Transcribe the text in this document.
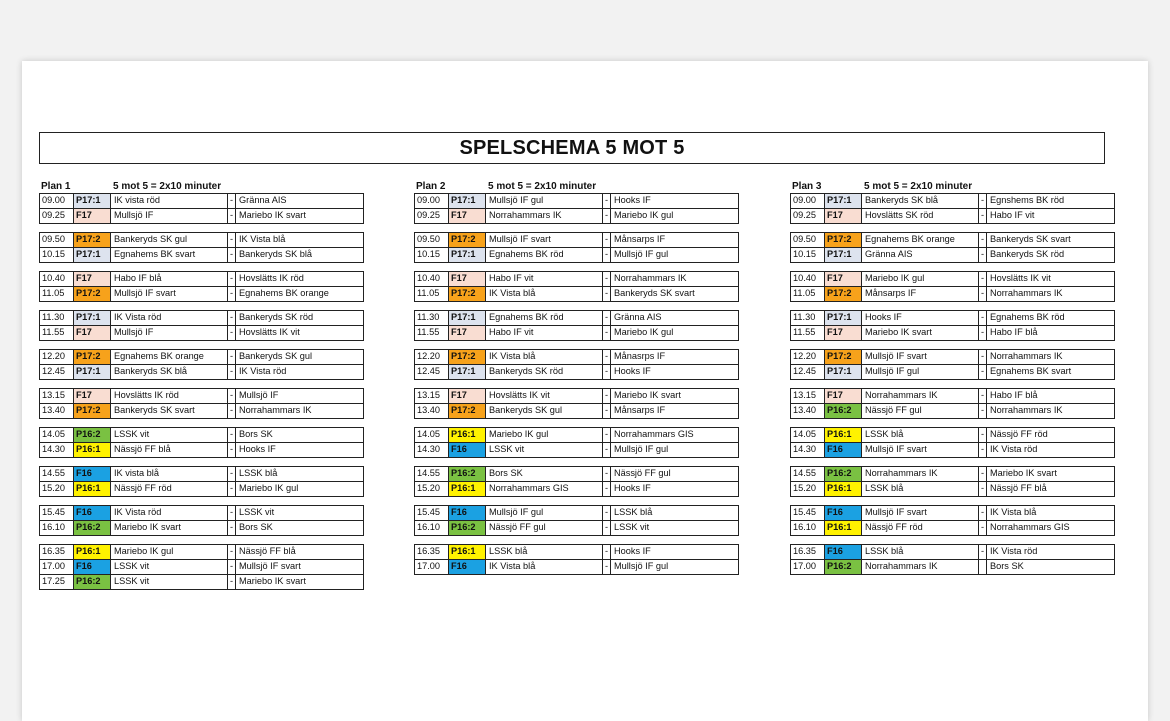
SPELSCHEMA 5 MOT 5
Plan 1	5 mot 5 = 2x10 minuter
09.00	P17:1	IK vista röd	- Gränna AIS
09.25	F17	Mullsjö IF	- Mariebo IK svart
09.50	P17:2	Bankeryds SK gul	- IK Vista blå
10.15	P17:1	Egnahems BK svart	- Bankeryds SK blå
10.40	F17	Habo IF blå	- Hovslätts IK röd
11.05	P17:2	Mullsjö IF svart	- Egnahems BK orange
11.30	P17:1	IK Vista röd	- Bankeryds SK röd
11.55	F17	Mullsjö IF	- Hovslätts IK vit
12.20	P17:2	Egnahems BK orange	- Bankeryds SK gul
12.45	P17:1	Bankeryds SK blå	- IK Vista röd
13.15	F17	Hovslätts IK röd	- Mullsjö IF
13.40	P17:2	Bankeryds SK svart	- Norrahammars IK
14.05	P16:2	LSSK vit	- Bors SK
14.30	P16:1	Nässjö FF blå	- Hooks IF
14.55	F16	IK vista blå	- LSSK blå
15.20	P16:1	Nässjö FF röd	- Mariebo IK gul
15.45	F16	IK Vista röd	- LSSK vit
16.10	P16:2	Mariebo IK svart	- Bors SK
16.35	P16:1	Mariebo IK gul	- Nässjö FF blå
17.00	F16	LSSK vit	- Mullsjö IF svart
17.25	P16:2	LSSK vit	- Mariebo IK svart
Plan 2	5 mot 5 = 2x10 minuter
09.00	P17:1	Mullsjö IF gul	- Hooks IF
09.25	F17	Norrahammars IK	- Mariebo IK gul
09.50	P17:2	Mullsjö IF svart	- Månsarps IF
10.15	P17:1	Egnahems BK röd	- Mullsjö IF gul
10.40	F17	Habo IF vit	- Norrahammars IK
11.05	P17:2	IK Vista blå	- Bankeryds SK svart
11.30	P17:1	Egnahems BK röd	- Gränna AIS
11.55	F17	Habo IF vit	- Mariebo IK gul
12.20	P17:2	IK Vista blå	- Månasrps IF
12.45	P17:1	Bankeryds SK röd	- Hooks IF
13.15	F17	Hovslätts IK vit	- Mariebo IK svart
13.40	P17:2	Bankeryds SK gul	- Månsarps IF
14.05	P16:1	Mariebo IK gul	- Norrahammars GIS
14.30	F16	LSSK vit	- Mullsjö IF gul
14.55	P16:2	Bors SK	- Nässjö FF gul
15.20	P16:1	Norrahammars GIS	- Hooks IF
15.45	F16	Mullsjö IF gul	- LSSK blå
16.10	P16:2	Nässjö FF gul	- LSSK vit
16.35	P16:1	LSSK blå	- Hooks IF
17.00	F16	IK Vista blå	- Mullsjö IF gul
Plan 3	5 mot 5 = 2x10 minuter
09.00	P17:1	Bankeryds SK blå	- Egnshems BK röd
09.25	F17	Hovslätts SK röd	- Habo IF vit
09.50	P17:2	Egnahems BK orange	- Bankeryds SK svart
10.15	P17:1	Gränna AIS	- Bankeryds SK röd
10.40	F17	Mariebo IK gul	- Hovslätts IK vit
11.05	P17:2	Månsarps IF	- Norrahammars IK
11.30	P17:1	Hooks IF	- Egnahems BK röd
11.55	F17	Mariebo IK svart	- Habo IF blå
12.20	P17:2	Mullsjö IF svart	- Norrahammars IK
12.45	P17:1	Mullsjö IF gul	- Egnahems BK svart
13.15	F17	Norrahammars IK	- Habo IF blå
13.40	P16:2	Nässjö FF gul	- Norrahammars IK
14.05	P16:1	LSSK blå	- Nässjö FF röd
14.30	F16	Mullsjö IF svart	- IK Vista röd
14.55	P16:2	Norrahammars IK	- Mariebo IK svart
15.20	P16:1	LSSK blå	- Nässjö FF blå
15.45	F16	Mullsjö IF svart	- IK Vista blå
16.10	P16:1	Nässjö FF röd	- Norrahammars GIS
16.35	F16	LSSK blå	- IK Vista röd
17.00	P16:2	Norrahammars IK	Bors SK
